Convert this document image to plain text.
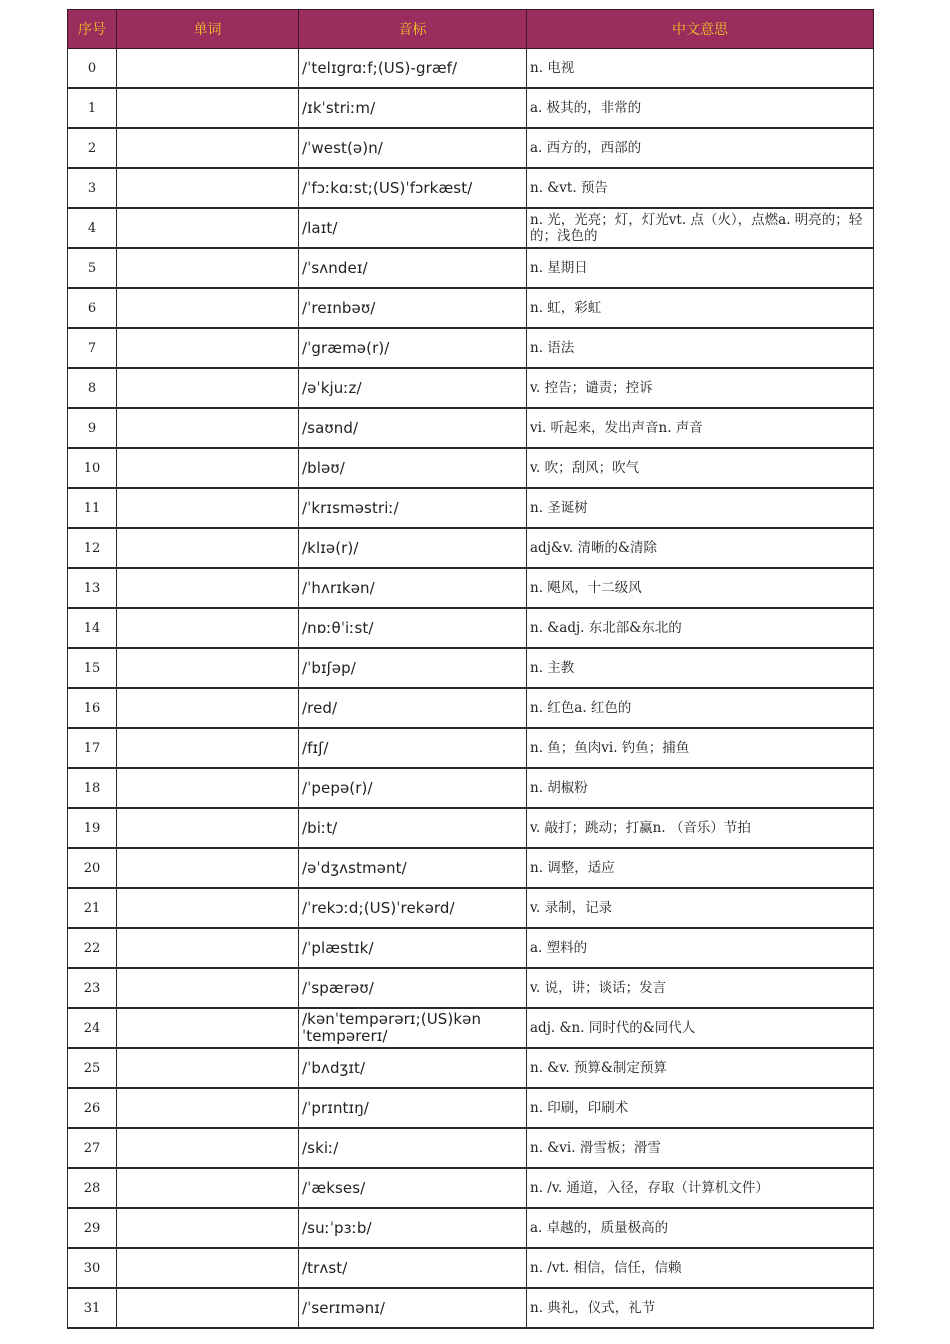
序号	单词	音标	中文意思
0		/ˈtelɪgrɑːf;(US)-græf/	n. 电视
1		/ɪkˈstriːm/	a. 极其的，非常的
2		/ˈwest(ə)n/	a. 西方的，西部的
3		/ˈfɔːkɑːst;(US)ˈfɔrkæst/	n. &vt. 预告
4		/laɪt/	n. 光，光亮；灯，灯光vt. 点（火），点燃a. 明亮的；轻的；浅色的
5		/ˈsʌndeɪ/	n. 星期日
6		/ˈreɪnbəʊ/	n. 虹，彩虹
7		/ˈgræmə(r)/	n. 语法
8		/əˈkjuːz/	v. 控告；谴责；控诉
9		/saʊnd/	vi. 听起来，发出声音n. 声音
10		/bləʊ/	v. 吹；刮风；吹气
11		/ˈkrɪsməstriː/	n. 圣诞树
12		/klɪə(r)/	adj&v. 清晰的&清除
13		/ˈhʌrɪkən/	n. 飓风，十二级风
14		/nɒːθˈiːst/	n. &adj. 东北部&东北的
15		/ˈbɪʃəp/	n. 主教
16		/red/	n. 红色a. 红色的
17		/fɪʃ/	n. 鱼；鱼肉vi. 钓鱼；捕鱼
18		/ˈpepə(r)/	n. 胡椒粉
19		/biːt/	v. 敲打；跳动；打赢n. （音乐）节拍
20		/əˈdʒʌstmənt/	n. 调整，适应
21		/ˈrekɔːd;(US)ˈrekərd/	v. 录制，记录
22		/ˈplæstɪk/	a. 塑料的
23		/ˈspærəʊ/	v. 说，讲；谈话；发言
24		/kənˈtempərərɪ;(US)kənˈtempərerɪ/	adj. &n. 同时代的&同代人
25		/ˈbʌdʒɪt/	n. &v. 预算&制定预算
26		/ˈprɪntɪŋ/	n. 印刷，印刷术
27		/skiː/	n. &vi. 滑雪板；滑雪
28		/ˈækses/	n. /v. 通道，入径，存取（计算机文件）
29		/suːˈpɜːb/	a. 卓越的，质量极高的
30		/trʌst/	n. /vt. 相信，信任，信赖
31		/ˈserɪmənɪ/	n. 典礼，仪式，礼节
